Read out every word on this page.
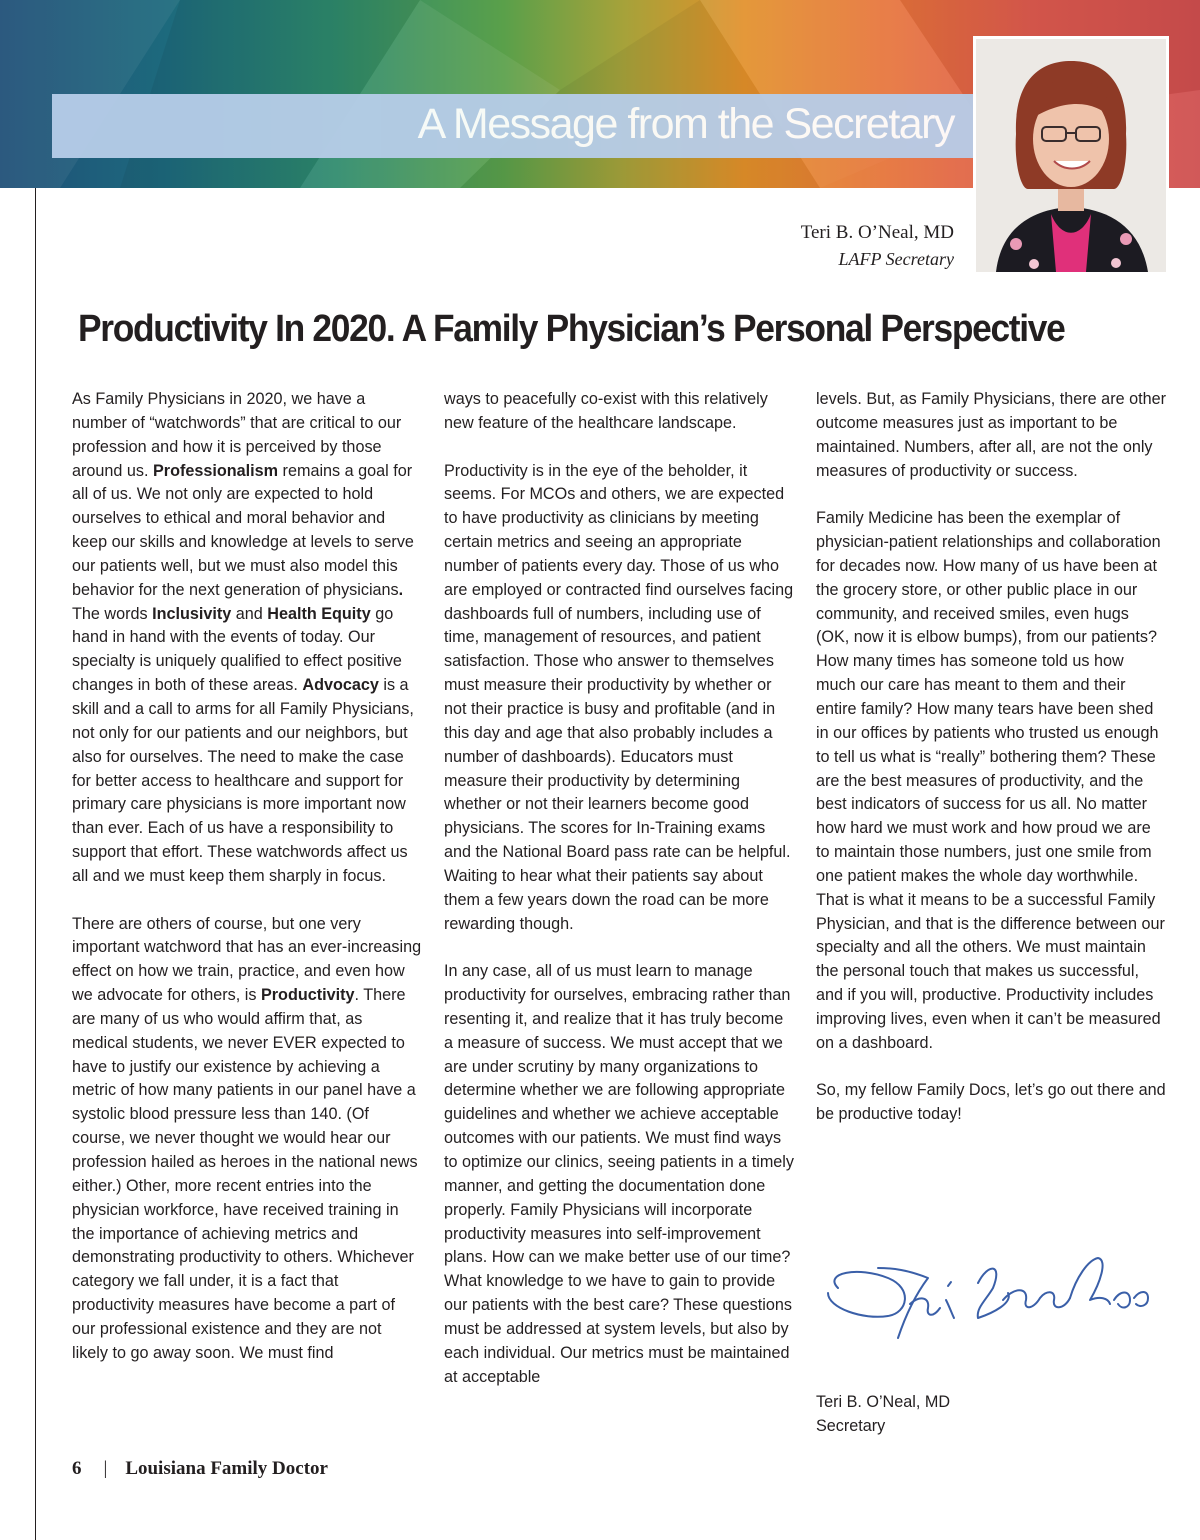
A Message from the Secretary
Teri B. O’Neal, MD
LAFP Secretary
Productivity In 2020. A Family Physician’s Personal Perspective

As Family Physicians in 2020, we have a number of “watchwords” that are critical to our profession and how it is perceived by those around us. Professionalism remains a goal for all of us. We not only are expected to hold ourselves to ethical and moral behavior and keep our skills and knowledge at levels to serve our patients well, but we must also model this behavior for the next generation of physicians. The words Inclusivity and Health Equity go hand in hand with the events of today. Our specialty is uniquely qualified to effect positive changes in both of these areas. Advocacy is a skill and a call to arms for all Family Physicians, not only for our patients and our neighbors, but also for ourselves. The need to make the case for better access to healthcare and support for primary care physicians is more important now than ever. Each of us have a responsibility to support that effort. These watchwords affect us all and we must keep them sharply in focus.

There are others of course, but one very important watchword that has an ever-increasing effect on how we train, practice, and even how we advocate for others, is Productivity. There are many of us who would affirm that, as medical students, we never EVER expected to have to justify our existence by achieving a metric of how many patients in our panel have a systolic blood pressure less than 140. (Of course, we never thought we would hear our profession hailed as heroes in the national news either.) Other, more recent entries into the physician workforce, have received training in the importance of achieving metrics and demonstrating productivity to others. Whichever category we fall under, it is a fact that productivity measures have become a part of our professional existence and they are not likely to go away soon. We must find

ways to peacefully co-exist with this relatively new feature of the healthcare landscape.

Productivity is in the eye of the beholder, it seems. For MCOs and others, we are expected to have productivity as clinicians by meeting certain metrics and seeing an appropriate number of patients every day. Those of us who are employed or contracted find ourselves facing dashboards full of numbers, including use of time, management of resources, and patient satisfaction. Those who answer to themselves must measure their productivity by whether or not their practice is busy and profitable (and in this day and age that also probably includes a number of dashboards). Educators must measure their productivity by determining whether or not their learners become good physicians. The scores for In-Training exams and the National Board pass rate can be helpful. Waiting to hear what their patients say about them a few years down the road can be more rewarding though.

In any case, all of us must learn to manage productivity for ourselves, embracing rather than resenting it, and realize that it has truly become a measure of success. We must accept that we are under scrutiny by many organizations to determine whether we are following appropriate guidelines and whether we achieve acceptable outcomes with our patients. We must find ways to optimize our clinics, seeing patients in a timely manner, and getting the documentation done properly. Family Physicians will incorporate productivity measures into self-improvement plans. How can we make better use of our time? What knowledge to we have to gain to provide our patients with the best care? These questions must be addressed at system levels, but also by each individual. Our metrics must be maintained at acceptable

levels. But, as Family Physicians, there are other outcome measures just as important to be maintained. Numbers, after all, are not the only measures of productivity or success.

Family Medicine has been the exemplar of physician-patient relationships and collaboration for decades now. How many of us have been at the grocery store, or other public place in our community, and received smiles, even hugs (OK, now it is elbow bumps), from our patients? How many times has someone told us how much our care has meant to them and their entire family? How many tears have been shed in our offices by patients who trusted us enough to tell us what is “really” bothering them? These are the best measures of productivity, and the best indicators of success for us all. No matter how hard we must work and how proud we are to maintain those numbers, just one smile from one patient makes the whole day worthwhile. That is what it means to be a successful Family Physician, and that is the difference between our specialty and all the others. We must maintain the personal touch that makes us successful, and if you will, productive. Productivity includes improving lives, even when it can’t be measured on a dashboard.

So, my fellow Family Docs, let’s go out there and be productive today!

Teri B. O’Neal, MD
Secretary
6 | Louisiana Family Doctor
